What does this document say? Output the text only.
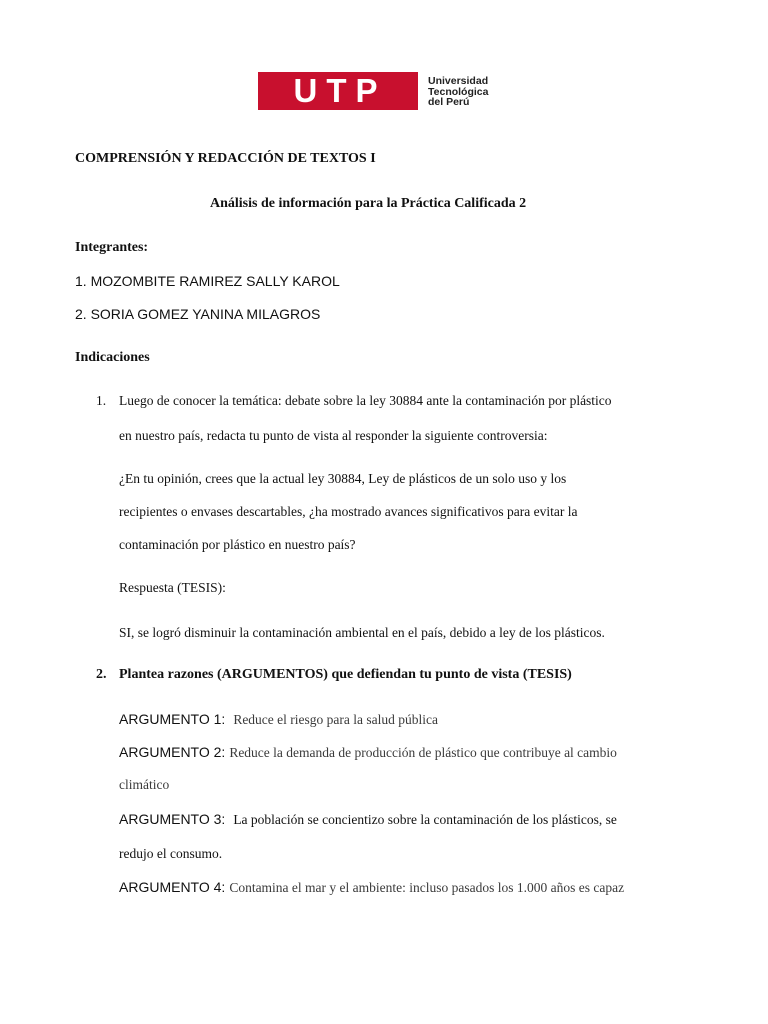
UTP	Universidad
Tecnológica
del Perú
COMPRENSIÓN Y REDACCIÓN DE TEXTOS I
Análisis de información para la Práctica Calificada 2
Integrantes:
1. MOZOMBITE RAMIREZ SALLY KAROL
2. SORIA GOMEZ YANINA MILAGROS
Indicaciones
1. Luego de conocer la temática: debate sobre la ley 30884 ante la contaminación por plástico
en nuestro país, redacta tu punto de vista al responder la siguiente controversia:
¿En tu opinión, crees que la actual ley 30884, Ley de plásticos de un solo uso y los
recipientes o envases descartables, ¿ha mostrado avances significativos para evitar la
contaminación por plástico en nuestro país?
Respuesta (TESIS):
SI, se logró disminuir la contaminación ambiental en el país, debido a ley de los plásticos.
2. Plantea razones (ARGUMENTOS) que defiendan tu punto de vista (TESIS)
ARGUMENTO 1: Reduce el riesgo para la salud pública
ARGUMENTO 2: Reduce la demanda de producción de plástico que contribuye al cambio
climático
ARGUMENTO 3: La población se concientizo sobre la contaminación de los plásticos, se
redujo el consumo.
ARGUMENTO 4: Contamina el mar y el ambiente: incluso pasados los 1.000 años es capaz
